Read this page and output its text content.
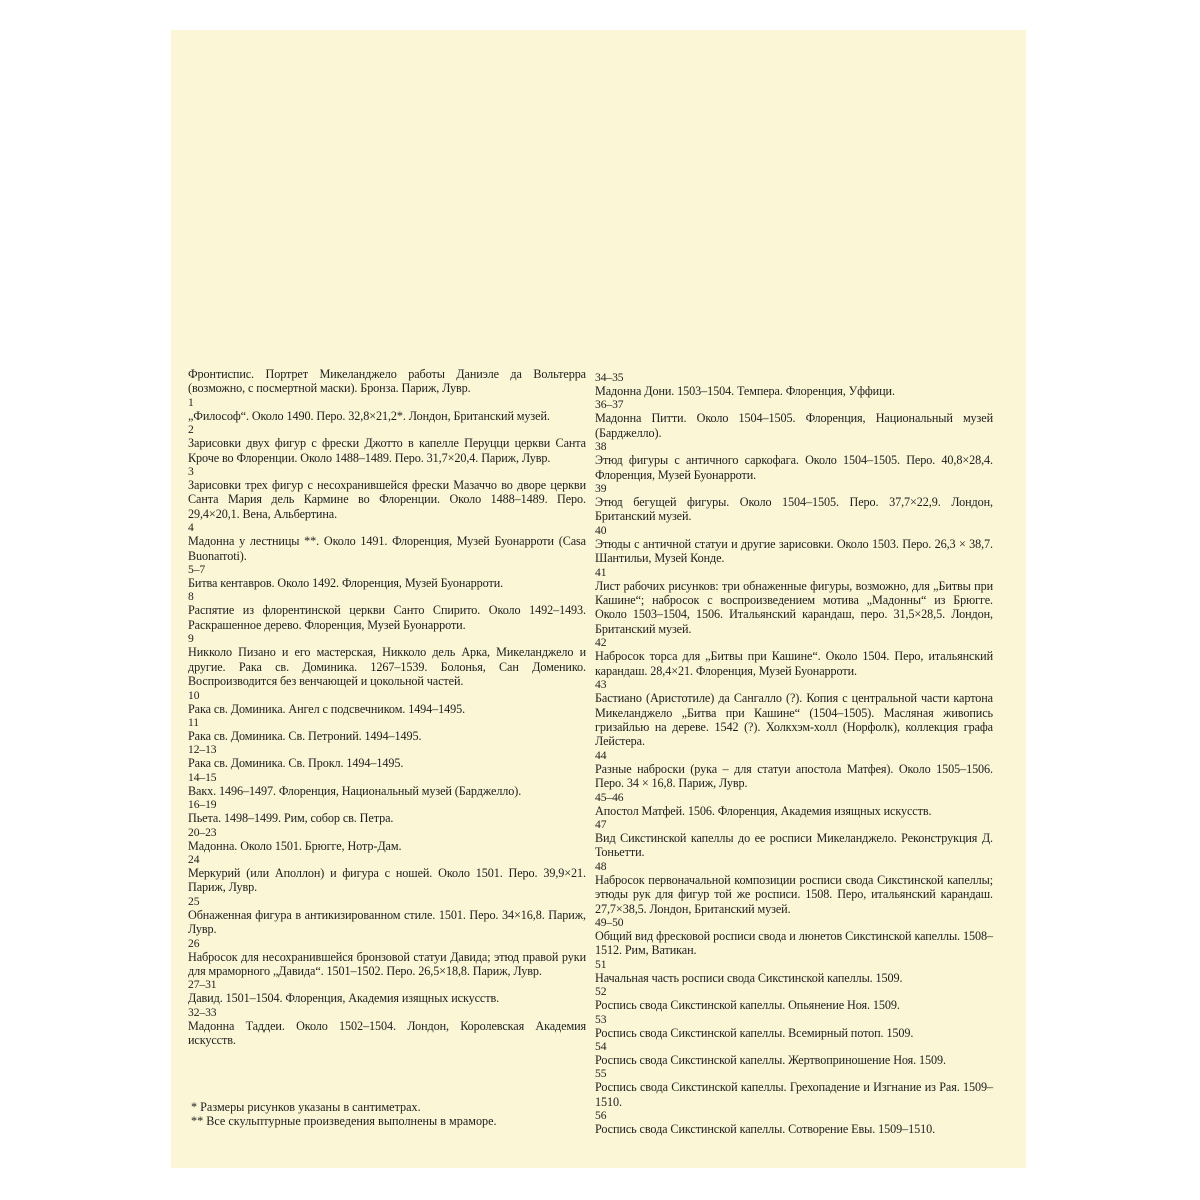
Фронтиспис. Портрет Микеланджело работы Даниэле да Вольтерра (возможно, с посмертной маски). Бронза. Париж, Лувр.
1
„Философ“. Около 1490. Перо. 32,8×21,2*. Лондон, Британский музей.
2
Зарисовки двух фигур с фрески Джотто в капелле Перуцци церкви Санта Кроче во Флоренции. Около 1488–1489. Перо. 31,7×20,4. Париж, Лувр.
3
Зарисовки трех фигур с несохранившейся фрески Мазаччо во дворе церкви Санта Мария дель Кармине во Флоренции. Около 1488–1489. Перо. 29,4×20,1. Вена, Альбертина.
4
Мадонна у лестницы **. Около 1491. Флоренция, Музей Буонарроти (Casa Buonarroti).
5–7
Битва кентавров. Около 1492. Флоренция, Музей Буонарроти.
8
Распятие из флорентинской церкви Санто Спирито. Около 1492–1493. Раскрашенное дерево. Флоренция, Музей Буонарроти.
9
Никколо Пизано и его мастерская, Никколо дель Арка, Микеланджело и другие. Рака св. Доминика. 1267–1539. Болонья, Сан Доменико. Воспроизводится без венчающей и цокольной частей.
10
Рака св. Доминика. Ангел с подсвечником. 1494–1495.
11
Рака св. Доминика. Св. Петроний. 1494–1495.
12–13
Рака св. Доминика. Св. Прокл. 1494–1495.
14–15
Вакх. 1496–1497. Флоренция, Национальный музей (Барджелло).
16–19
Пьета. 1498–1499. Рим, собор св. Петра.
20–23
Мадонна. Около 1501. Брюгге, Нотр-Дам.
24
Меркурий (или Аполлон) и фигура с ношей. Около 1501. Перо. 39,9×21. Париж, Лувр.
25
Обнаженная фигура в антикизированном стиле. 1501. Перо. 34×16,8. Париж, Лувр.
26
Набросок для несохранившейся бронзовой статуи Давида; этюд правой руки для мраморного „Давида“. 1501–1502. Перо. 26,5×18,8. Париж, Лувр.
27–31
Давид. 1501–1504. Флоренция, Академия изящных искусств.
32–33
Мадонна Таддеи. Около 1502–1504. Лондон, Королевская Академия искусств.
34–35
Мадонна Дони. 1503–1504. Темпера. Флоренция, Уффици.
36–37
Мадонна Питти. Около 1504–1505. Флоренция, Национальный музей (Барджелло).
38
Этюд фигуры с античного саркофага. Около 1504–1505. Перо. 40,8×28,4. Флоренция, Музей Буонарроти.
39
Этюд бегущей фигуры. Около 1504–1505. Перо. 37,7×22,9. Лондон, Британский музей.
40
Этюды с античной статуи и другие зарисовки. Около 1503. Перо. 26,3 × 38,7. Шантильи, Музей Конде.
41
Лист рабочих рисунков: три обнаженные фигуры, возможно, для „Битвы при Кашине“; набросок с воспроизведением мотива „Мадонны“ из Брюгге. Около 1503–1504, 1506. Итальянский карандаш, перо. 31,5×28,5. Лондон, Британский музей.
42
Набросок торса для „Битвы при Кашине“. Около 1504. Перо, итальянский карандаш. 28,4×21. Флоренция, Музей Буонарроти.
43
Бастиано (Аристотиле) да Сангалло (?). Копия с центральной части картона Микеланджело „Битва при Кашине“ (1504–1505). Масляная живопись гризайлью на дереве. 1542 (?). Холкхэм-холл (Норфолк), коллекция графа Лейстера.
44
Разные наброски (рука – для статуи апостола Матфея). Около 1505–1506. Перо. 34 × 16,8. Париж, Лувр.
45–46
Апостол Матфей. 1506. Флоренция, Академия изящных искусств.
47
Вид Сикстинской капеллы до ее росписи Микеланджело. Реконструкция Д. Тоньетти.
48
Набросок первоначальной композиции росписи свода Сикстинской капеллы; этюды рук для фигур той же росписи. 1508. Перо, итальянский карандаш. 27,7×38,5. Лондон, Британский музей.
49–50
Общий вид фресковой росписи свода и люнетов Сикстинской капеллы. 1508–1512. Рим, Ватикан.
51
Начальная часть росписи свода Сикстинской капеллы. 1509.
52
Роспись свода Сикстинской капеллы. Опьянение Ноя. 1509.
53
Роспись свода Сикстинской капеллы. Всемирный потоп. 1509.
54
Роспись свода Сикстинской капеллы. Жертвоприношение Ноя. 1509.
55
Роспись свода Сикстинской капеллы. Грехопадение и Изгнание из Рая. 1509–1510.
56
Роспись свода Сикстинской капеллы. Сотворение Евы. 1509–1510.
* Размеры рисунков указаны в сантиметрах.
** Все скульптурные произведения выполнены в мраморе.
